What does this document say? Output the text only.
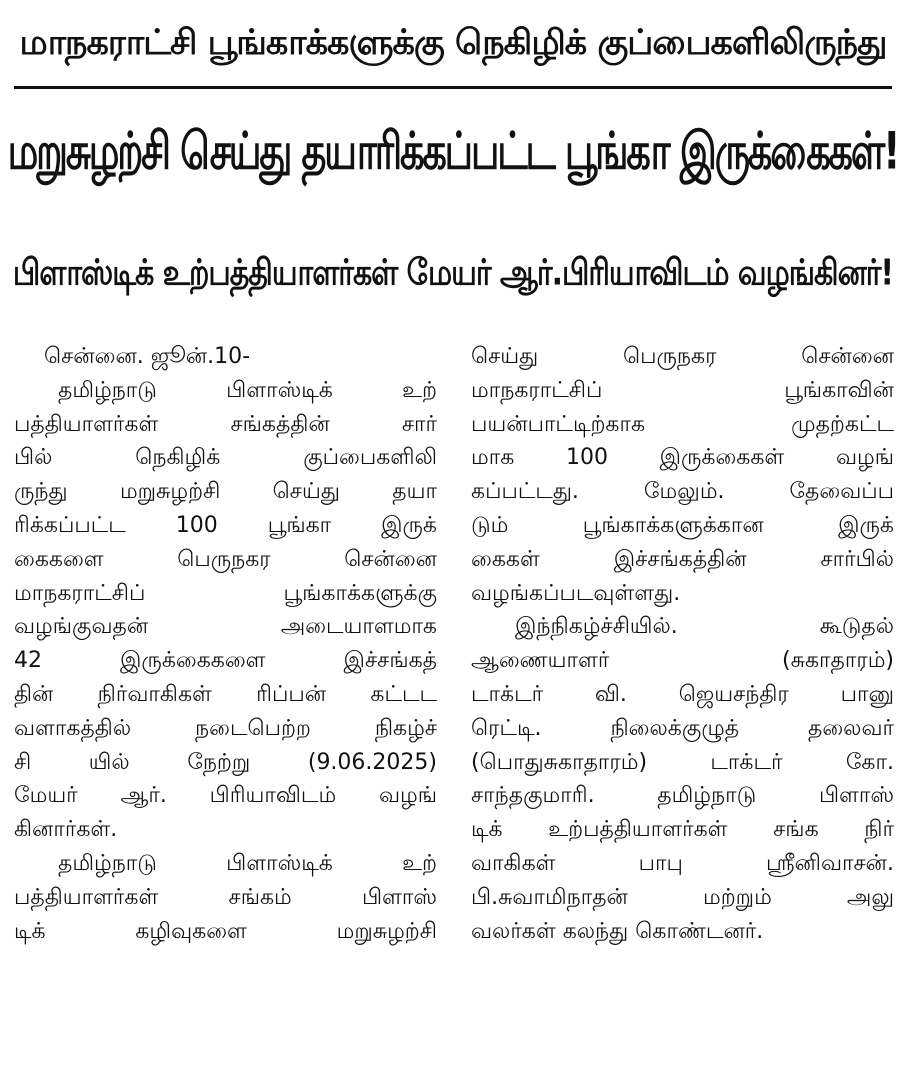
மாநகராட்சி பூங்காக்களுக்கு நெகிழிக் குப்பைகளிலிருந்து
மறுசுழற்சி செய்து தயாரிக்கப்பட்ட பூங்கா இருக்கைகள்!
பிளாஸ்டிக் உற்பத்தியாளர்கள் மேயர் ஆர்.பிரியாவிடம் வழங்கினர்!
சென்னை. ஜூன்.10-
தமிழ்நாடு பிளாஸ்டிக் உற்
பத்தியாளர்கள் சங்கத்தின் சார்
பில் நெகிழிக் குப்பைகளிலி
ருந்து மறுசுழற்சி செய்து தயா
ரிக்கப்பட்ட 100 பூங்கா இருக்
கைகளை பெருநகர சென்னை
மாநகராட்சிப் பூங்காக்களுக்கு
வழங்குவதன் அடையாளமாக
42 இருக்கைகளை இச்சங்கத்
தின் நிர்வாகிகள் ரிப்பன் கட்டட
வளாகத்தில் நடைபெற்ற நிகழ்ச்
சி யில் நேற்று (9.06.2025)
மேயர் ஆர். பிரியாவிடம் வழங்
கினார்கள்.
தமிழ்நாடு பிளாஸ்டிக் உற்
பத்தியாளர்கள் சங்கம் பிளாஸ்
டிக் கழிவுகளை மறுசுழற்சி
செய்து பெருநகர சென்னை
மாநகராட்சிப் பூங்காவின்
பயன்பாட்டிற்காக முதற்கட்ட
மாக 100 இருக்கைகள் வழங்
கப்பட்டது. மேலும். தேவைப்ப
டும் பூங்காக்களுக்கான இருக்
கைகள் இச்சங்கத்தின் சார்பில்
வழங்கப்படவுள்ளது.
இந்நிகழ்ச்சியில். கூடுதல்
ஆணையாளர் (சுகாதாரம்)
டாக்டர் வி. ஜெயசந்திர பானு
ரெட்டி. நிலைக்குழுத் தலைவர்
(பொதுசுகாதாரம்) டாக்டர் கோ.
சாந்தகுமாரி. தமிழ்நாடு பிளாஸ்
டிக் உற்பத்தியாளர்கள் சங்க நிர்
வாகிகள் பாபு ஸ்ரீனிவாசன்.
பி.சுவாமிநாதன் மற்றும் அலு
வலர்கள் கலந்து கொண்டனர்.
